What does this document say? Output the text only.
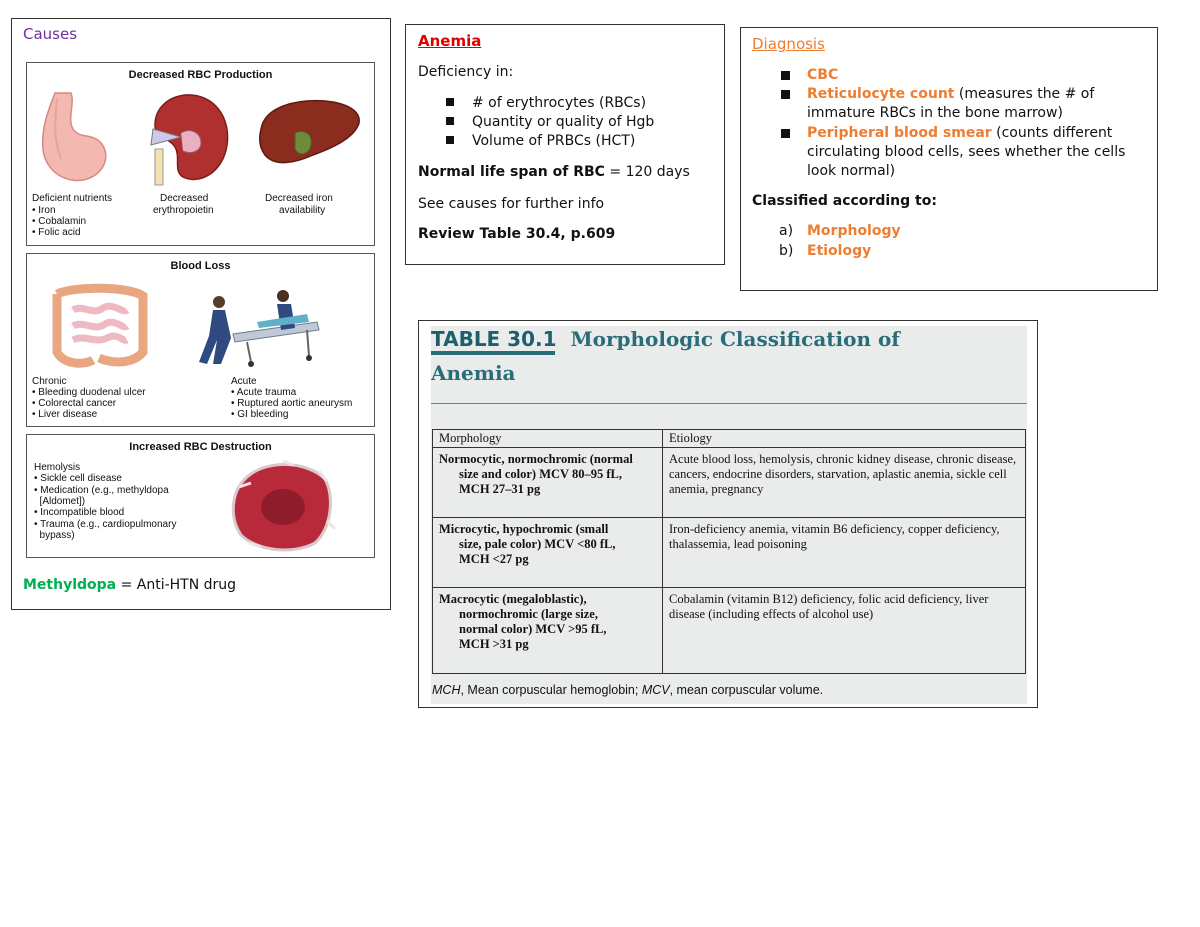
Causes
Decreased RBC Production
Deficient nutrients
• Iron
• Cobalamin
• Folic acid
Decreased
erythropoietin
Decreased iron
availability
Blood Loss
Chronic
• Bleeding duodenal ulcer
• Colorectal cancer
• Liver disease
Acute
• Acute trauma
• Ruptured aortic aneurysm
• GI bleeding
Increased RBC Destruction
Hemolysis
• Sickle cell disease
• Medication (e.g., methyldopa
[Aldomet])
• Incompatible blood
• Trauma (e.g., cardiopulmonary
bypass)
Methyldopa = Anti-HTN drug
Anemia
Deficiency in:
# of erythrocytes (RBCs)
Quantity or quality of Hgb
Volume of PRBCs (HCT)
Normal life span of RBC = 120 days
See causes for further info
Review Table 30.4, p.609
Diagnosis
CBC
Reticulocyte count (measures the # of immature RBCs in the bone marrow)
Peripheral blood smear (counts different circulating blood cells, sees whether the cells look normal)
Classified according to:
a) Morphology
b) Etiology
TABLE 30.1 Morphologic Classification of
Anemia
Morphology	Etiology
Normocytic, normochromic (normal
size and color) MCV 80–95 fL,
MCH 27–31 pg	Acute blood loss, hemolysis, chronic kidney disease, chronic disease, cancers, endocrine disorders, starvation, aplastic anemia, sickle cell anemia, pregnancy
Microcytic, hypochromic (small
size, pale color) MCV <80 fL,
MCH <27 pg	Iron-deficiency anemia, vitamin B6 deficiency, copper deficiency, thalassemia, lead poisoning
Macrocytic (megaloblastic),
normochromic (large size,
normal color) MCV >95 fL,
MCH >31 pg	Cobalamin (vitamin B12) deficiency, folic acid deficiency, liver disease (including effects of alcohol use)
MCH, Mean corpuscular hemoglobin; MCV, mean corpuscular volume.
